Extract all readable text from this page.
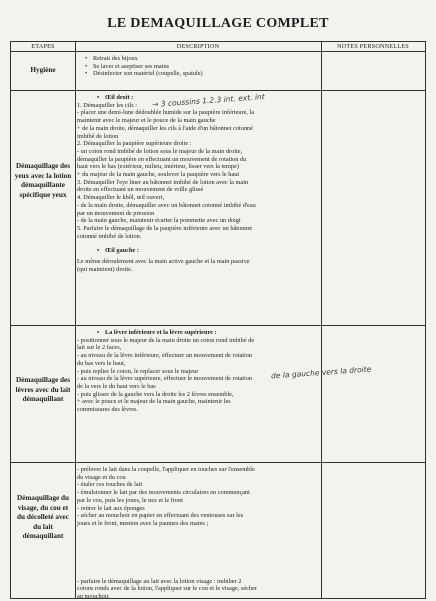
LE DEMAQUILLAGE COMPLET
ETAPES	DESCRIPTION	NOTES PERSONNELLES
Hygiène
• Retrait des bijoux
• Se laver et aseptiser ses mains
• Désinfecter son matériel (coupelle, spatule)
Démaquillage des yeux avec la lotion démaquillante spécifique yeux
• Œil droit :
1. Démaquiller les cils :
- placer une demi-lune dédoublée humide sur la paupière inférieure, la
maintenir avec le majeur et le pouce de la main gauche
+ de la main droite, démaquiller les cils à l'aide d'un bâtonnet cotonné
imbibé de lotion
2. Démaquiller la paupière supérieure droite :
- un coton rond imbibé de lotion sous le majeur de la main droite,
démaquiller la paupière en effectuant un mouvement de rotation du
haut vers le bas (extérieur, milieu, intérieur, lisser vers la tempe)
+ du majeur de la main gauche, soulever la paupière vers le haut
3. Démaquiller l'eye liner au bâtonnet imbibé de lotion avec la main
droite en effectuant un mouvement de vrille glissé
4. Démaquiller le khôl, œil ouvert,
- de la main droite, démaquiller avec un bâtonnet cotonné imbibé d'eau
par un mouvement de pression
- de la main gauche, maintenir écarter la pommette avec un doigt
5. Parfaire le démaquillage de la paupière inférieure avec un bâtonnet
cotonné imbibé de lotion.
• Œil gauche :
Le même déroulement avec la main active gauche et la main passive
(qui maintient) droite.
→ 3 coussins 1.2.3 int. ext. int
Démaquillage des lèvres avec du lait démaquillant
• La lèvre inférieure et la lèvre supérieure :
- positionner sous le majeur de la main droite un coton rond imbibé de
lait sur le 2 faces,
- au niveau de la lèvre inférieure, effectuer un mouvement de rotation
du bas vers le haut,
- puis replier le coton, le replacer sous le majeur
- au niveau de la lèvre supérieure, effectuer le mouvement de rotation
de la vers le du haut vers le bas
- puis glisser de la gauche vers la droite les 2 lèvres ensemble,
+ avec le pouce et le majeur de la main gauche, maintenir les
commissures des lèvres.
de la gauche vers la droite
Démaquillage du visage, du cou et du décolleté avec du lait démaquillant
- prélever le lait dans la coupelle, l'appliquer en touches sur l'ensemble
du visage et du cou
- étaler ces touches de lait
- émulsionner le lait par des mouvements circulaires en commençant
par le cou, puis les joues, le nez et le front
- retirer le lait aux éponges
- sécher au mouchoir en papier en effectuant des ventouses sur les
joues et le front, menton avec la paumes des mains ;
- parfaire le démaquillage au lait avec la lotion visage : imbiber 2
cotons ronds avec de la lotion, l'appliquer sur le cou et le visage, sécher
au mouchoir.
